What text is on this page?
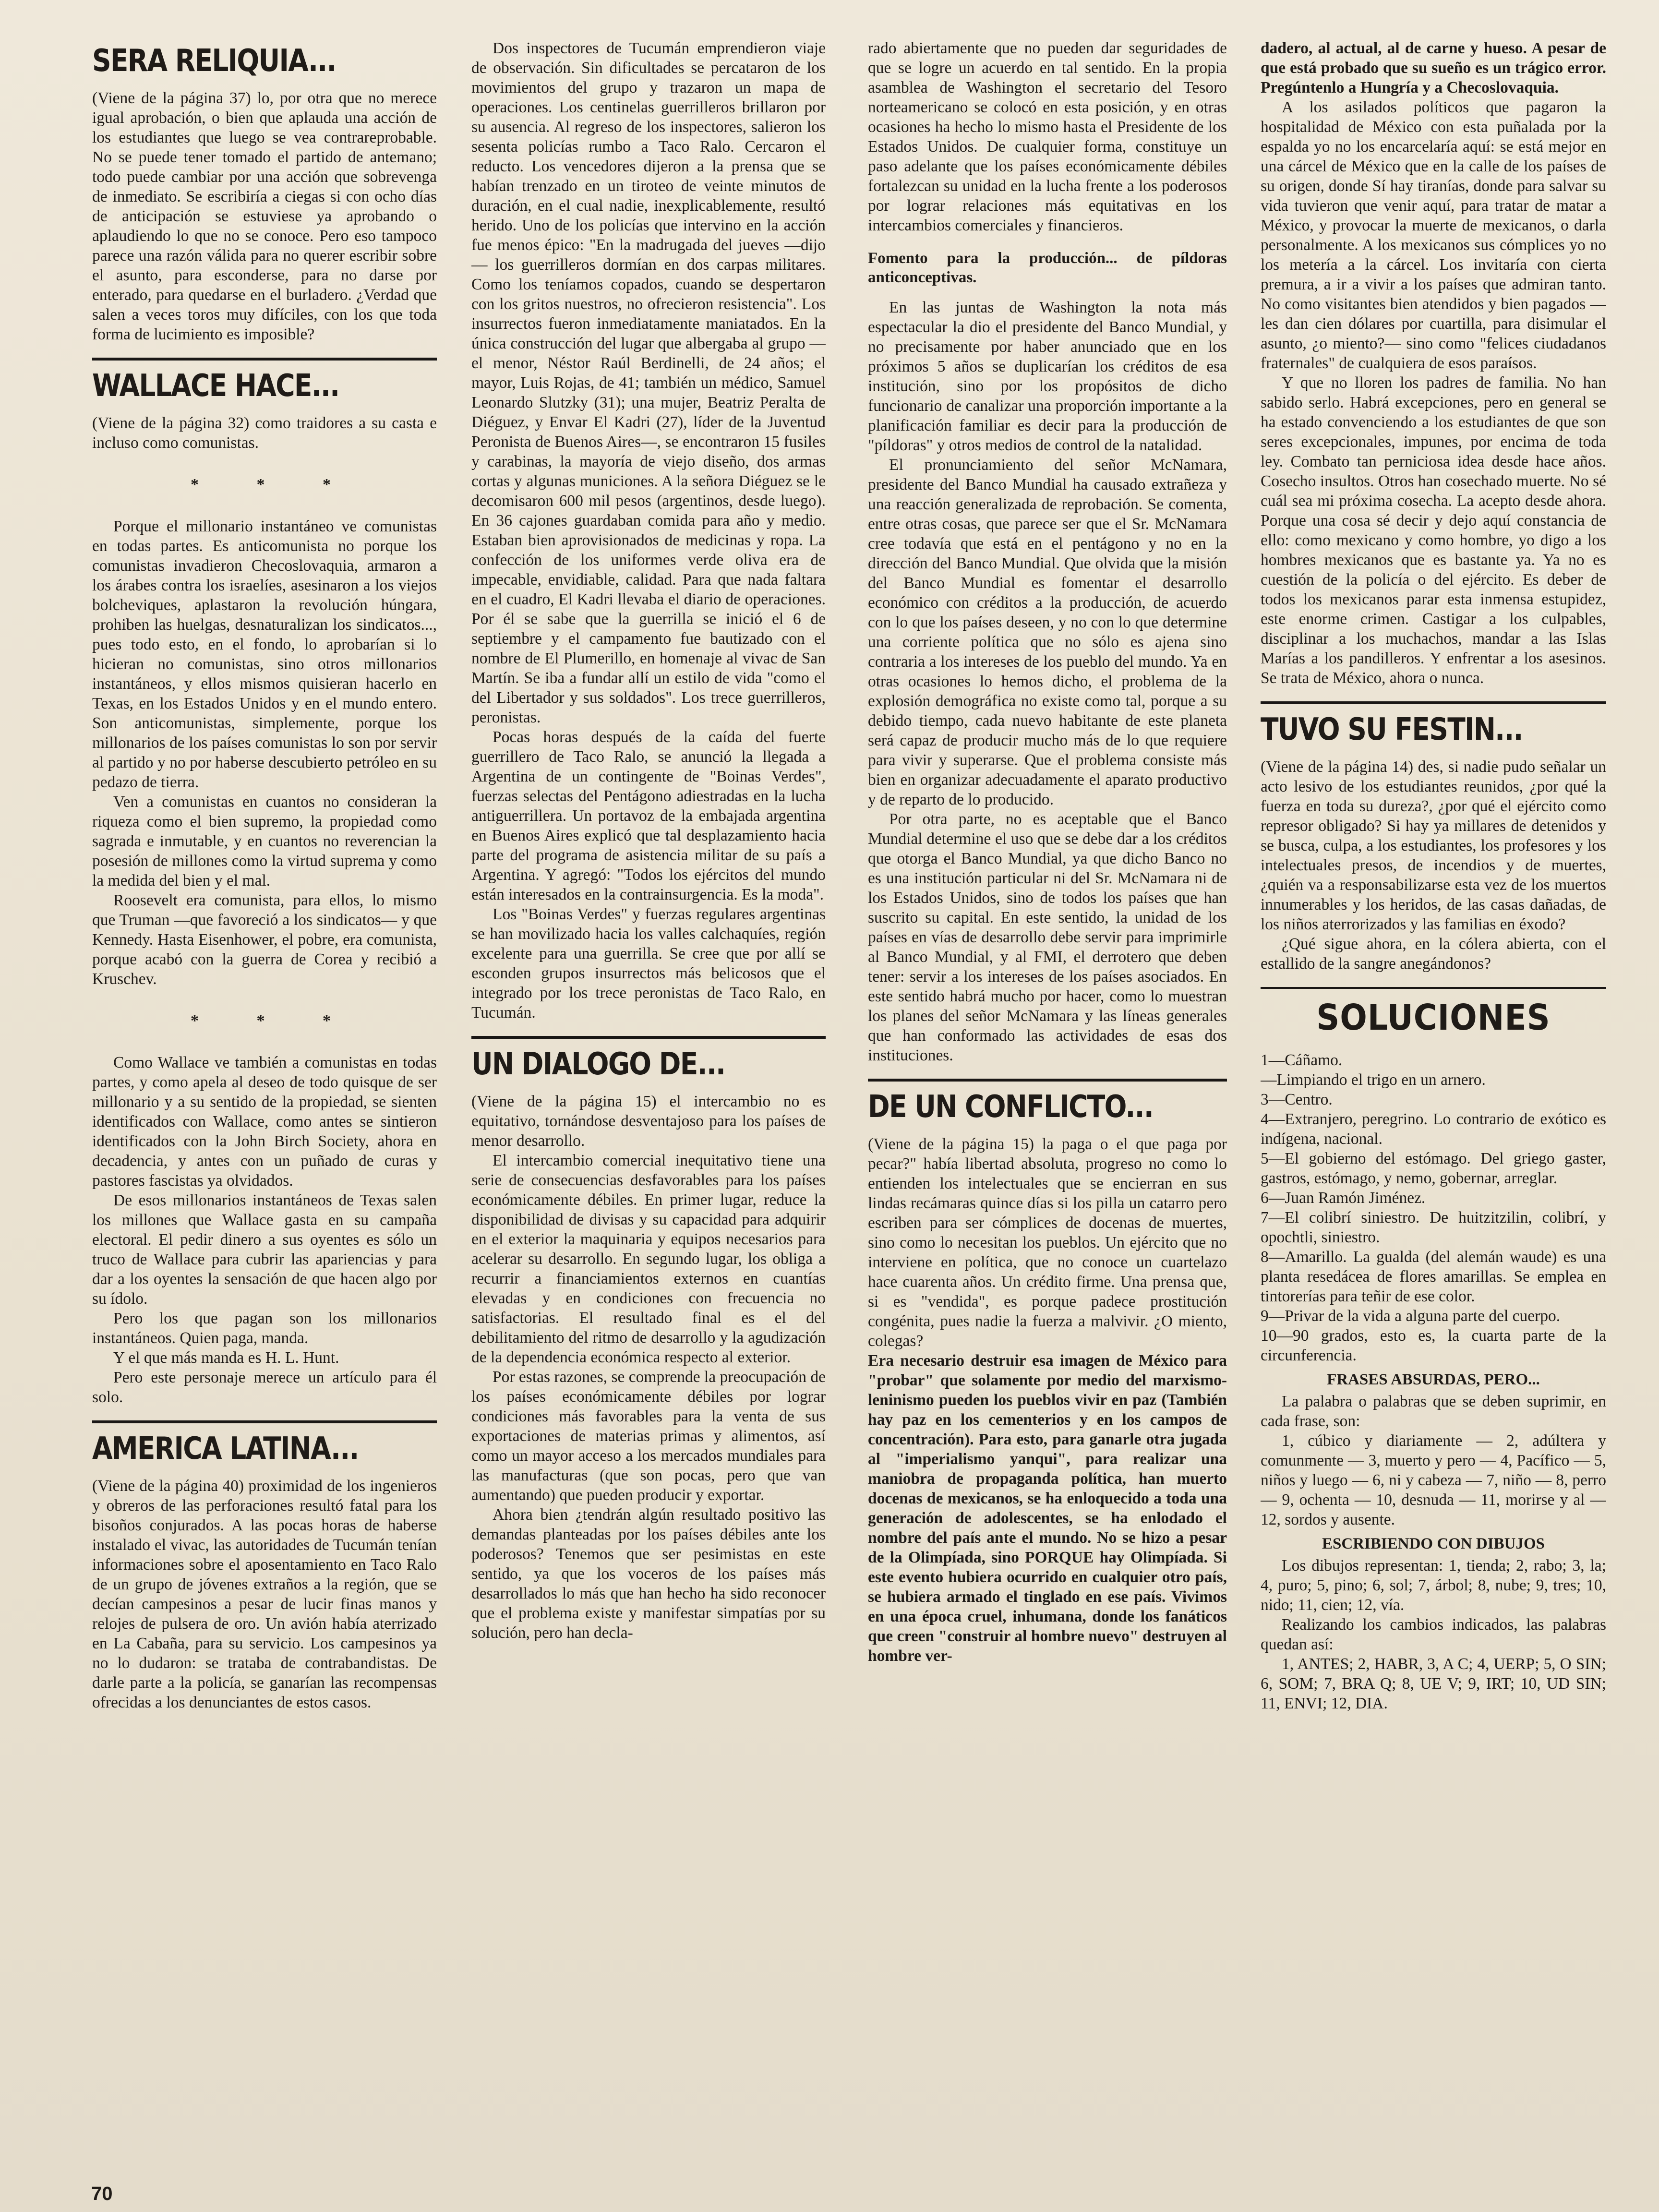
SERA RELIQUIA...

(Viene de la página 37) lo, por otra que no merece igual aprobación, o bien que aplauda una acción de los estudiantes que luego se vea contrareprobable. No se puede tener tomado el partido de antemano; todo puede cambiar por una acción que sobrevenga de inmediato. Se escribiría a ciegas si con ocho días de anticipación se estuviese ya aprobando o aplaudiendo lo que no se conoce. Pero eso tampoco parece una razón válida para no querer escribir sobre el asunto, para esconderse, para no darse por enterado, para quedarse en el burladero. ¿Verdad que salen a veces toros muy difíciles, con los que toda forma de lucimiento es imposible?

WALLACE HACE...

(Viene de la página 32) como traidores a su casta e incluso como comunistas.

* * *

Porque el millonario instantáneo ve comunistas en todas partes. Es anticomunista no porque los comunistas invadieron Checoslovaquia, armaron a los árabes contra los israelíes, asesinaron a los viejos bolcheviques, aplastaron la revolución húngara, prohiben las huelgas, desnaturalizan los sindicatos..., pues todo esto, en el fondo, lo aprobarían si lo hicieran no comunistas, sino otros millonarios instantáneos, y ellos mismos quisieran hacerlo en Texas, en los Estados Unidos y en el mundo entero. Son anticomunistas, simplemente, porque los millonarios de los países comunistas lo son por servir al partido y no por haberse descubierto petróleo en su pedazo de tierra.

Ven a comunistas en cuantos no consideran la riqueza como el bien supremo, la propiedad como sagrada e inmutable, y en cuantos no reverencian la posesión de millones como la virtud suprema y como la medida del bien y el mal.

Roosevelt era comunista, para ellos, lo mismo que Truman —que favoreció a los sindicatos— y que Kennedy. Hasta Eisenhower, el pobre, era comunista, porque acabó con la guerra de Corea y recibió a Kruschev.

* * *

Como Wallace ve también a comunistas en todas partes, y como apela al deseo de todo quisque de ser millonario y a su sentido de la propiedad, se sienten identificados con Wallace, como antes se sintieron identificados con la John Birch Society, ahora en decadencia, y antes con un puñado de curas y pastores fascistas ya olvidados.

De esos millonarios instantáneos de Texas salen los millones que Wallace gasta en su campaña electoral. El pedir dinero a sus oyentes es sólo un truco de Wallace para cubrir las apariencias y para dar a los oyentes la sensación de que hacen algo por su ídolo.

Pero los que pagan son los millonarios instantáneos. Quien paga, manda.

Y el que más manda es H. L. Hunt.

Pero este personaje merece un artículo para él solo.

AMERICA LATINA...

(Viene de la página 40) proximidad de los ingenieros y obreros de las perforaciones resultó fatal para los bisoños conjurados. A las pocas horas de haberse instalado el vivac, las autoridades de Tucumán tenían informaciones sobre el aposentamiento en Taco Ralo de un grupo de jóvenes extraños a la región, que se decían campesinos a pesar de lucir finas manos y relojes de pulsera de oro. Un avión había aterrizado en La Cabaña, para su servicio. Los campesinos ya no lo dudaron: se trataba de contrabandistas. De darle parte a la policía, se ganarían las recompensas ofrecidas a los denunciantes de estos casos.

Dos inspectores de Tucumán emprendieron viaje de observación. Sin dificultades se percataron de los movimientos del grupo y trazaron un mapa de operaciones. Los centinelas guerrilleros brillaron por su ausencia. Al regreso de los inspectores, salieron los sesenta policías rumbo a Taco Ralo. Cercaron el reducto. Los vencedores dijeron a la prensa que se habían trenzado en un tiroteo de veinte minutos de duración, en el cual nadie, inexplicablemente, resultó herido. Uno de los policías que intervino en la acción fue menos épico: "En la madrugada del jueves —dijo— los guerrilleros dormían en dos carpas militares. Como los teníamos copados, cuando se despertaron con los gritos nuestros, no ofrecieron resistencia". Los insurrectos fueron inmediatamente maniatados. En la única construcción del lugar que albergaba al grupo —el menor, Néstor Raúl Berdinelli, de 24 años; el mayor, Luis Rojas, de 41; también un médico, Samuel Leonardo Slutzky (31); una mujer, Beatriz Peralta de Diéguez, y Envar El Kadri (27), líder de la Juventud Peronista de Buenos Aires—, se encontraron 15 fusiles y carabinas, la mayoría de viejo diseño, dos armas cortas y algunas municiones. A la señora Diéguez se le decomisaron 600 mil pesos (argentinos, desde luego). En 36 cajones guardaban comida para año y medio. Estaban bien aprovisionados de medicinas y ropa. La confección de los uniformes verde oliva era de impecable, envidiable, calidad. Para que nada faltara en el cuadro, El Kadri llevaba el diario de operaciones. Por él se sabe que la guerrilla se inició el 6 de septiembre y el campamento fue bautizado con el nombre de El Plumerillo, en homenaje al vivac de San Martín. Se iba a fundar allí un estilo de vida "como el del Libertador y sus soldados". Los trece guerrilleros, peronistas.

Pocas horas después de la caída del fuerte guerrillero de Taco Ralo, se anunció la llegada a Argentina de un contingente de "Boinas Verdes", fuerzas selectas del Pentágono adiestradas en la lucha antiguerrillera. Un portavoz de la embajada argentina en Buenos Aires explicó que tal desplazamiento hacia parte del programa de asistencia militar de su país a Argentina. Y agregó: "Todos los ejércitos del mundo están interesados en la contrainsurgencia. Es la moda".

Los "Boinas Verdes" y fuerzas regulares argentinas se han movilizado hacia los valles calchaquíes, región excelente para una guerrilla. Se cree que por allí se esconden grupos insurrectos más belicosos que el integrado por los trece peronistas de Taco Ralo, en Tucumán.

UN DIALOGO DE...

(Viene de la página 15) el intercambio no es equitativo, tornándose desventajoso para los países de menor desarrollo.

El intercambio comercial inequitativo tiene una serie de consecuencias desfavorables para los países económicamente débiles. En primer lugar, reduce la disponibilidad de divisas y su capacidad para adquirir en el exterior la maquinaria y equipos necesarios para acelerar su desarrollo. En segundo lugar, los obliga a recurrir a financiamientos externos en cuantías elevadas y en condiciones con frecuencia no satisfactorias. El resultado final es el del debilitamiento del ritmo de desarrollo y la agudización de la dependencia económica respecto al exterior.

Por estas razones, se comprende la preocupación de los países económicamente débiles por lograr condiciones más favorables para la venta de sus exportaciones de materias primas y alimentos, así como un mayor acceso a los mercados mundiales para las manufacturas (que son pocas, pero que van aumentando) que pueden producir y exportar.

Ahora bien ¿tendrán algún resultado positivo las demandas planteadas por los países débiles ante los poderosos? Tenemos que ser pesimistas en este sentido, ya que los voceros de los países más desarrollados lo más que han hecho ha sido reconocer que el problema existe y manifestar simpatías por su solución, pero han decla-

rado abiertamente que no pueden dar seguridades de que se logre un acuerdo en tal sentido. En la propia asamblea de Washington el secretario del Tesoro norteamericano se colocó en esta posición, y en otras ocasiones ha hecho lo mismo hasta el Presidente de los Estados Unidos. De cualquier forma, constituye un paso adelante que los países económicamente débiles fortalezcan su unidad en la lucha frente a los poderosos por lograr relaciones más equitativas en los intercambios comerciales y financieros.

Fomento para la producción... de píldoras anticonceptivas.

En las juntas de Washington la nota más espectacular la dio el presidente del Banco Mundial, y no precisamente por haber anunciado que en los próximos 5 años se duplicarían los créditos de esa institución, sino por los propósitos de dicho funcionario de canalizar una proporción importante a la planificación familiar es decir para la producción de "píldoras" y otros medios de control de la natalidad.

El pronunciamiento del señor McNamara, presidente del Banco Mundial ha causado extrañeza y una reacción generalizada de reprobación. Se comenta, entre otras cosas, que parece ser que el Sr. McNamara cree todavía que está en el pentágono y no en la dirección del Banco Mundial. Que olvida que la misión del Banco Mundial es fomentar el desarrollo económico con créditos a la producción, de acuerdo con lo que los países deseen, y no con lo que determine una corriente política que no sólo es ajena sino contraria a los intereses de los pueblo del mundo. Ya en otras ocasiones lo hemos dicho, el problema de la explosión demográfica no existe como tal, porque a su debido tiempo, cada nuevo habitante de este planeta será capaz de producir mucho más de lo que requiere para vivir y superarse. Que el problema consiste más bien en organizar adecuadamente el aparato productivo y de reparto de lo producido.

Por otra parte, no es aceptable que el Banco Mundial determine el uso que se debe dar a los créditos que otorga el Banco Mundial, ya que dicho Banco no es una institución particular ni del Sr. McNamara ni de los Estados Unidos, sino de todos los países que han suscrito su capital. En este sentido, la unidad de los países en vías de desarrollo debe servir para imprimirle al Banco Mundial, y al FMI, el derrotero que deben tener: servir a los intereses de los países asociados. En este sentido habrá mucho por hacer, como lo muestran los planes del señor McNamara y las líneas generales que han conformado las actividades de esas dos instituciones.

DE UN CONFLICTO...

(Viene de la página 15) la paga o el que paga por pecar?" había libertad absoluta, progreso no como lo entienden los intelectuales que se encierran en sus lindas recámaras quince días si los pilla un catarro pero escriben para ser cómplices de docenas de muertes, sino como lo necesitan los pueblos. Un ejército que no interviene en política, que no conoce un cuartelazo hace cuarenta años. Un crédito firme. Una prensa que, si es "vendida", es porque padece prostitución congénita, pues nadie la fuerza a malvivir. ¿O miento, colegas?

Era necesario destruir esa imagen de México para "probar" que solamente por medio del marxismo-leninismo pueden los pueblos vivir en paz (También hay paz en los cementerios y en los campos de concentración). Para esto, para ganarle otra jugada al "imperialismo yanqui", para realizar una maniobra de propaganda política, han muerto docenas de mexicanos, se ha enloquecido a toda una generación de adolescentes, se ha enlodado el nombre del país ante el mundo. No se hizo a pesar de la Olimpíada, sino PORQUE hay Olimpíada. Si este evento hubiera ocurrido en cualquier otro país, se hubiera armado el tinglado en ese país. Vivimos en una época cruel, inhumana, donde los fanáticos que creen "construir al hombre nuevo" destruyen al hombre ver-

dadero, al actual, al de carne y hueso. A pesar de que está probado que su sueño es un trágico error. Pregúntenlo a Hungría y a Checoslovaquia.

A los asilados políticos que pagaron la hospitalidad de México con esta puñalada por la espalda yo no los encarcelaría aquí: se está mejor en una cárcel de México que en la calle de los países de su origen, donde Sí hay tiranías, donde para salvar su vida tuvieron que venir aquí, para tratar de matar a México, y provocar la muerte de mexicanos, o darla personalmente. A los mexicanos sus cómplices yo no los metería a la cárcel. Los invitaría con cierta premura, a ir a vivir a los países que admiran tanto. No como visitantes bien atendidos y bien pagados —les dan cien dólares por cuartilla, para disimular el asunto, ¿o miento?— sino como "felices ciudadanos fraternales" de cualquiera de esos paraísos.

Y que no lloren los padres de familia. No han sabido serlo. Habrá excepciones, pero en general se ha estado convenciendo a los estudiantes de que son seres excepcionales, impunes, por encima de toda ley. Combato tan perniciosa idea desde hace años. Cosecho insultos. Otros han cosechado muerte. No sé cuál sea mi próxima cosecha. La acepto desde ahora. Porque una cosa sé decir y dejo aquí constancia de ello: como mexicano y como hombre, yo digo a los hombres mexicanos que es bastante ya. Ya no es cuestión de la policía o del ejército. Es deber de todos los mexicanos parar esta inmensa estupidez, este enorme crimen. Castigar a los culpables, disciplinar a los muchachos, mandar a las Islas Marías a los pandilleros. Y enfrentar a los asesinos. Se trata de México, ahora o nunca.

TUVO SU FESTIN...

(Viene de la página 14) des, si nadie pudo señalar un acto lesivo de los estudiantes reunidos, ¿por qué la fuerza en toda su dureza?, ¿por qué el ejército como represor obligado? Si hay ya millares de detenidos y se busca, culpa, a los estudiantes, los profesores y los intelectuales presos, de incendios y de muertes, ¿quién va a responsabilizarse esta vez de los muertos innumerables y los heridos, de las casas dañadas, de los niños aterrorizados y las familias en éxodo?

¿Qué sigue ahora, en la cólera abierta, con el estallido de la sangre anegándonos?

SOLUCIONES

1—Cáñamo.

—Limpiando el trigo en un arnero.

3—Centro.

4—Extranjero, peregrino. Lo contrario de exótico es indígena, nacional.

5—El gobierno del estómago. Del griego gaster, gastros, estómago, y nemo, gobernar, arreglar.

6—Juan Ramón Jiménez.

7—El colibrí siniestro. De huitzitzilin, colibrí, y opochtli, siniestro.

8—Amarillo. La gualda (del alemán waude) es una planta resedácea de flores amarillas. Se emplea en tintorerías para teñir de ese color.

9—Privar de la vida a alguna parte del cuerpo.

10—90 grados, esto es, la cuarta parte de la circunferencia.

FRASES ABSURDAS, PERO...

La palabra o palabras que se deben suprimir, en cada frase, son:

1, cúbico y diariamente — 2, adúltera y comunmente — 3, muerto y pero — 4, Pacífico — 5, niños y luego — 6, ni y cabeza — 7, niño — 8, perro — 9, ochenta — 10, desnuda — 11, morirse y al — 12, sordos y ausente.

ESCRIBIENDO CON DIBUJOS

Los dibujos representan: 1, tienda; 2, rabo; 3, la; 4, puro; 5, pino; 6, sol; 7, árbol; 8, nube; 9, tres; 10, nido; 11, cien; 12, vía.

Realizando los cambios indicados, las palabras quedan así:

1, ANTES; 2, HABR, 3, A C; 4, UERP; 5, O SIN; 6, SOM; 7, BRA Q; 8, UE V; 9, IRT; 10, UD SIN; 11, ENVI; 12, DIA.

70
